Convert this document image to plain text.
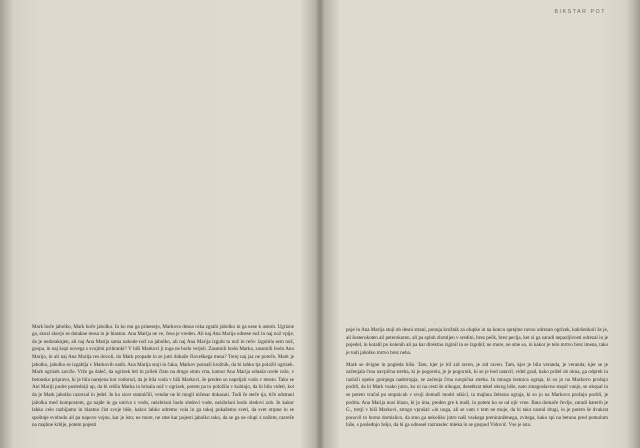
Mark hoče jabolko, Mark hoče jabolko. In ko mu ga prinesejo, Markova desna roka zgrabi jabolko in ga nese k ustom. Ugrizne ga, skozi skorjo se dotakne mesa in je hlastno. Ana Marija ne ve, česa je vreden. Ali naj Ana Marija odnese nož in naj nož vpije, da je nedotaknjen, ali naj Ana Marija sama nabode nož na jabolko, ali naj Ana Marija izgubi ta nož in reče: izgubila sem nož, gospa, in naj kupi novega s svojimi prihranki? V hiši Markovi ji toga ne bodo verjeli. Zasumili bodo Marka, zasumili bodo Ano Marijo, in ali naj Ana Marija res dovoli, da Mark propade in se jutri dokaže človeškega mesa? Torej naj jaz ne poreče, Mark je jabolko, jabolko se izgablja v Markovih ustih. Ana Marija stoji in čaka, Markov pomaši krožnik, da bi lahko tja položil ogrizek. Mark ogrizek zavrže. Vrže ga daleč, da ogrizek leti in prileti čisto na drugo stran vrta, kamor Ana Marija odnaša uvele rože, v betonsko pripravo, ki je bila narejena kot vodorod, da je bila voda v hiši Markovi, še preden so napeljali vodo v mesto. Tako se Ani Mariji podre posledniji up, da bi rešila Marka in brisala nož v ogrizek, potem pa to položila v kuhinjo, da bi bila videti, kot da je Mark jabolko razrezal in jedel. In ko sicer sumničili, vendar ne bi mogli ničesar dokazati. Tudi če steče tja, tiče odstrani jabolka med kompostom, ga najde in ga umiva z vodo, neizbrisni bodo sledovi vode, neizbrisni bodo sledovi zob. In kakor lahko celo razbijamo in hlastno čist svoje hiše, kakor lahko odremo vola in ga takoj pokažemo sveti, da svet otrpne in se spoštuje svobodo ali pa napove vojno, kar je isto; ne more, ne sme kar pojesti jabolko tako, da se ga ne olupi z nožem, razreže na majhne krhlje, potem pojesti

BIKSTAR POT

poje in Ana Marija stoji ob desni strani, ponuja krožnik za olupke in na koncu sprejme ravno odrezan ogrizek, kakršenkoli že je, ali šesterokoten ali peterokoten, ali pa sploh zlomljen v sredini, brez pečk, brez peclja, ker si ga zaradi nepazljivosti odrezal in je pojedel, in kotalil po kolenih ali pa kar direktno izginil in se izgubil; ne more, ne sme so, in kakor je telo mrtvo brez imena, tako je tudi jabolko mrtvo brez neba.

Mark se dvigne in pogleda hišo. Tam, kjer je bil zid raven, je zid raven. Tam, kjer je bila veranda, je veranda; kjer se je začenjala črna navpična streha, ki je pogorela, je je pogornik, ki se je bod ustavil, videl grad, kako prišel ob okna, ga odpreh in razloži opeko gornjega nadstropja, se začenja črna navpična streha. In mnoga lestnica ograja, ki so jo na Markovo prošnjo podrli, da bi Mark vsako jutro, ko ni na cesti še nikogar, desetkrat tekel okrog hiše, nato zmagoslavno stopil vanjo, se okopal in se potem vračal po stopnicah v svoji domači modri nikici, ta majhna železna ograja, ki so jo na Markovo prošnjo podrli, je podrta. Ana Marija nosi blazo, ki jo ima, preden gre k mašl, in potem ko se od njir vrne. Bata domače čevlje, zaradi katerih je G., tretji v hiši Markovi, strogo vprašal: »in noga, ali se vam v tem ne moje, da bi tako nostal drugi, in je potem še dvakrat ponovil to borno domislico, da smo ga nekoliko jutro naši vsakega preniranženega, zvitega, kako spi na betonu pred pomolom hiše, s poslednjo željo, da bi ga odnesel razrnaslec mleka in se gospod Vidovič. Vse je isto.
